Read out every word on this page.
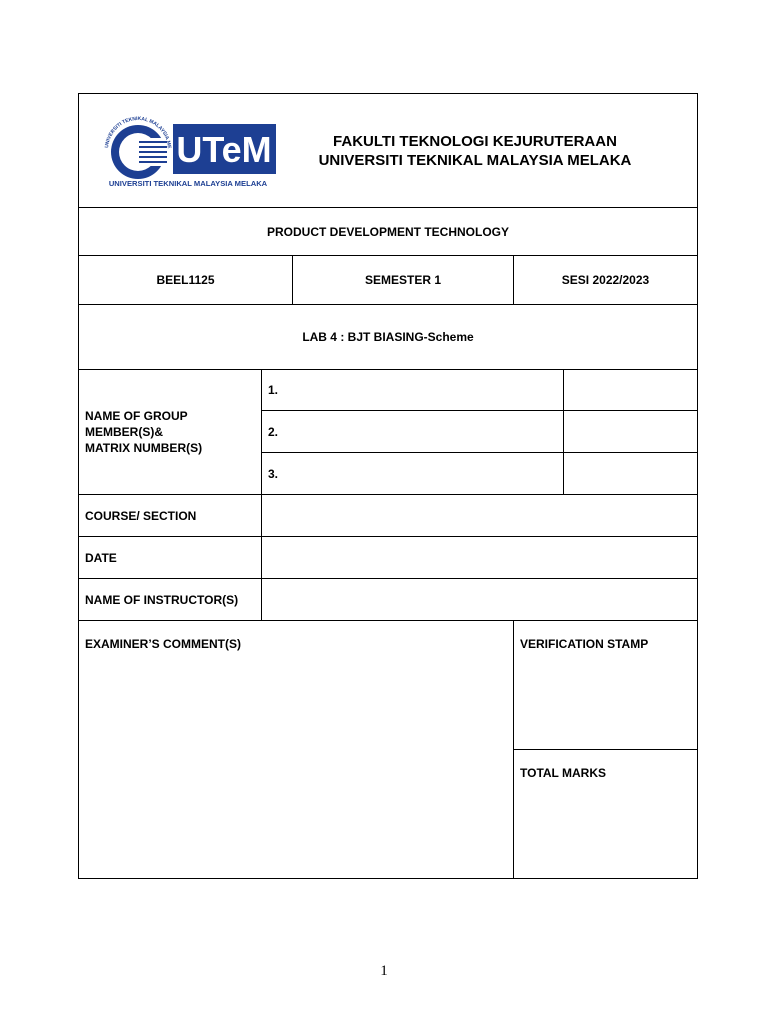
UNIVERSITI TEKNIKAL MALAYSIA ME UTeM
UNIVERSITI TEKNIKAL MALAYSIA MELAKA
FAKULTI TEKNOLOGI KEJURUTERAAN
UNIVERSITI TEKNIKAL MALAYSIA MELAKA
PRODUCT DEVELOPMENT TECHNOLOGY
BEEL1125	SEMESTER 1	SESI 2022/2023
LAB 4 : BJT BIASING-Scheme
NAME OF GROUP
MEMBER(S)&
MATRIX NUMBER(S)
1.
2.
3.
COURSE/ SECTION
DATE
NAME OF INSTRUCTOR(S)
EXAMINER’S COMMENT(S)	VERIFICATION STAMP
TOTAL MARKS
1
